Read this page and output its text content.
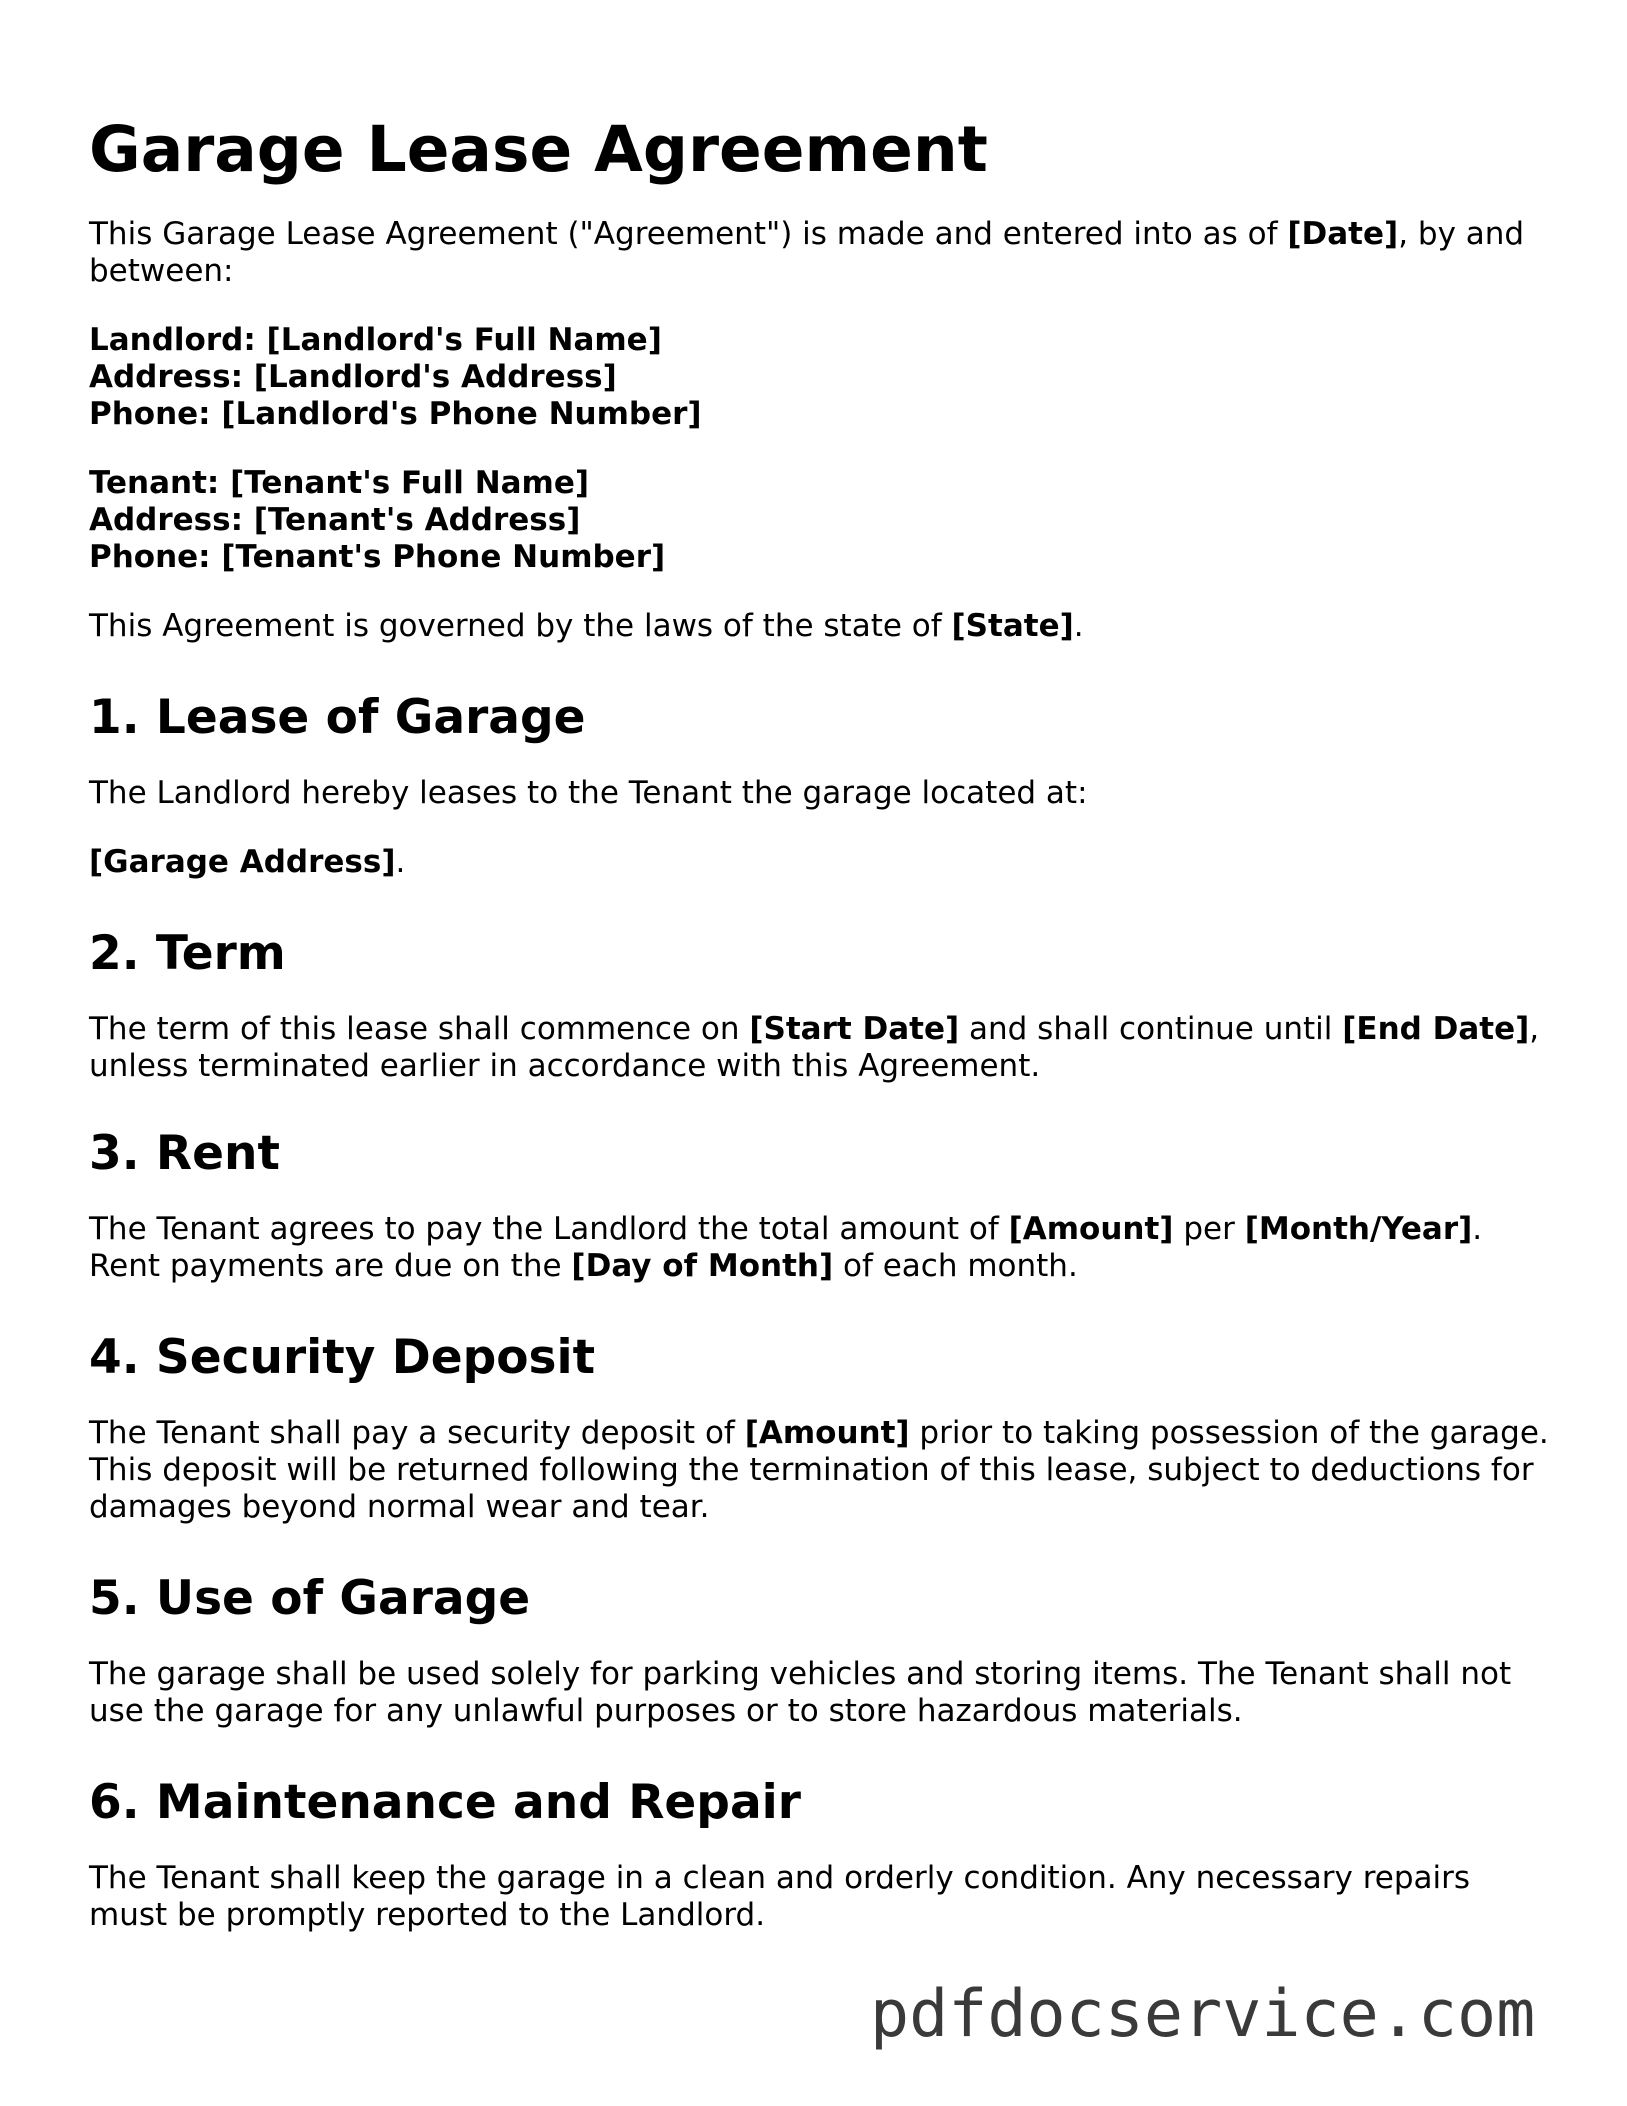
Garage Lease Agreement

This Garage Lease Agreement ("Agreement") is made and entered into as of [Date], by and between:

Landlord: [Landlord's Full Name]

Address: [Landlord's Address]

Phone: [Landlord's Phone Number]

Tenant: [Tenant's Full Name]

Address: [Tenant's Address]

Phone: [Tenant's Phone Number]

This Agreement is governed by the laws of the state of [State].

1. Lease of Garage

The Landlord hereby leases to the Tenant the garage located at:

[Garage Address].

2. Term

The term of this lease shall commence on [Start Date] and shall continue until [End Date], unless terminated earlier in accordance with this Agreement.

3. Rent

The Tenant agrees to pay the Landlord the total amount of [Amount] per [Month/Year]. Rent payments are due on the [Day of Month] of each month.

4. Security Deposit

The Tenant shall pay a security deposit of [Amount] prior to taking possession of the garage. This deposit will be returned following the termination of this lease, subject to deductions for damages beyond normal wear and tear.

5. Use of Garage

The garage shall be used solely for parking vehicles and storing items. The Tenant shall not use the garage for any unlawful purposes or to store hazardous materials.

6. Maintenance and Repair

The Tenant shall keep the garage in a clean and orderly condition. Any necessary repairs must be promptly reported to the Landlord.

pdfdocservice.com
